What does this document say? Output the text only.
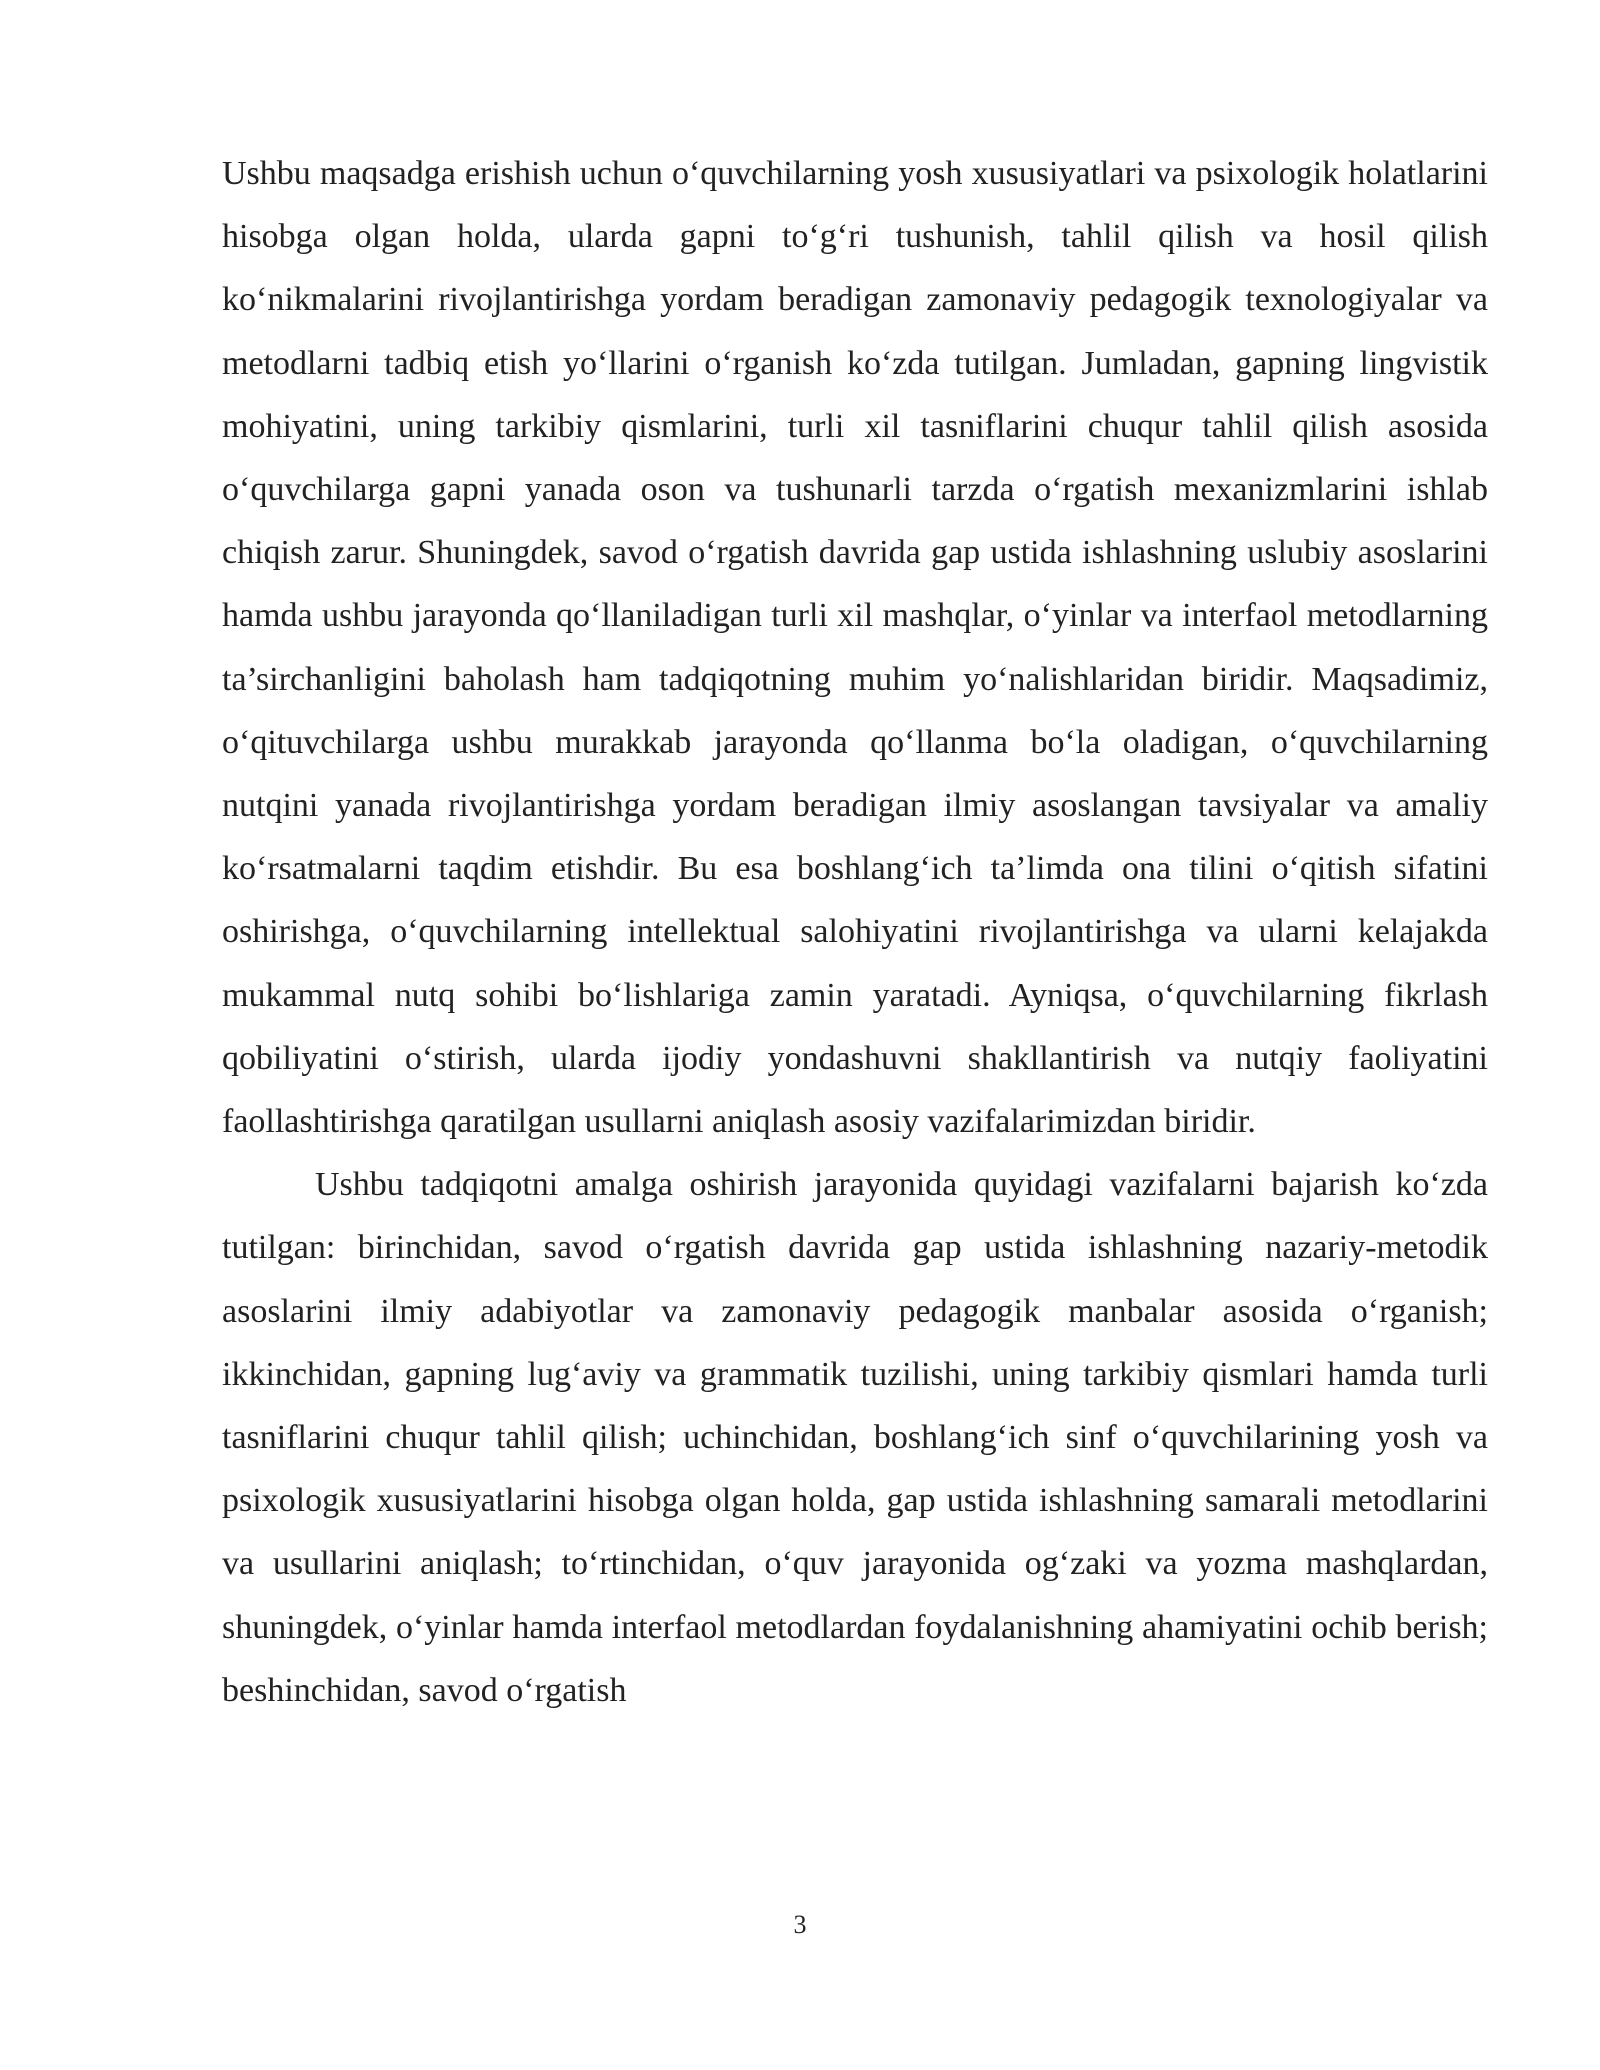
Ushbu maqsadga erishish uchun o‘quvchilarning yosh xususiyatlari va psixologik holatlarini hisobga olgan holda, ularda gapni to‘g‘ri tushunish, tahlil qilish va hosil qilish ko‘nikmalarini rivojlantirishga yordam beradigan zamonaviy pedagogik texnologiyalar va metodlarni tadbiq etish yo‘llarini o‘rganish ko‘zda tutilgan. Jumladan, gapning lingvistik mohiyatini, uning tarkibiy qismlarini, turli xil tasniflarini chuqur tahlil qilish asosida o‘quvchilarga gapni yanada oson va tushunarli tarzda o‘rgatish mexanizmlarini ishlab chiqish zarur. Shuningdek, savod o‘rgatish davrida gap ustida ishlashning uslubiy asoslarini hamda ushbu jarayonda qo‘llaniladigan turli xil mashqlar, o‘yinlar va interfaol metodlarning ta’sirchanligini baholash ham tadqiqotning muhim yo‘nalishlaridan biridir. Maqsadimiz, o‘qituvchilarga ushbu murakkab jarayonda qo‘llanma bo‘la oladigan, o‘quvchilarning nutqini yanada rivojlantirishga yordam beradigan ilmiy asoslangan tavsiyalar va amaliy ko‘rsatmalarni taqdim etishdir. Bu esa boshlang‘ich ta’limda ona tilini o‘qitish sifatini oshirishga, o‘quvchilarning intellektual salohiyatini rivojlantirishga va ularni kelajakda mukammal nutq sohibi bo‘lishlariga zamin yaratadi. Ayniqsa, o‘quvchilarning fikrlash qobiliyatini o‘stirish, ularda ijodiy yondashuvni shakllantirish va nutqiy faoliyatini faollashtirishga qaratilgan usullarni aniqlash asosiy vazifalarimizdan biridir.

Ushbu tadqiqotni amalga oshirish jarayonida quyidagi vazifalarni bajarish ko‘zda tutilgan: birinchidan, savod o‘rgatish davrida gap ustida ishlashning nazariy-metodik asoslarini ilmiy adabiyotlar va zamonaviy pedagogik manbalar asosida o‘rganish; ikkinchidan, gapning lug‘aviy va grammatik tuzilishi, uning tarkibiy qismlari hamda turli tasniflarini chuqur tahlil qilish; uchinchidan, boshlang‘ich sinf o‘quvchilarining yosh va psixologik xususiyatlarini hisobga olgan holda, gap ustida ishlashning samarali metodlarini va usullarini aniqlash; to‘rtinchidan, o‘quv jarayonida og‘zaki va yozma mashqlardan, shuningdek, o‘yinlar hamda interfaol metodlardan foydalanishning ahamiyatini ochib berish; beshinchidan, savod o‘rgatish

3
